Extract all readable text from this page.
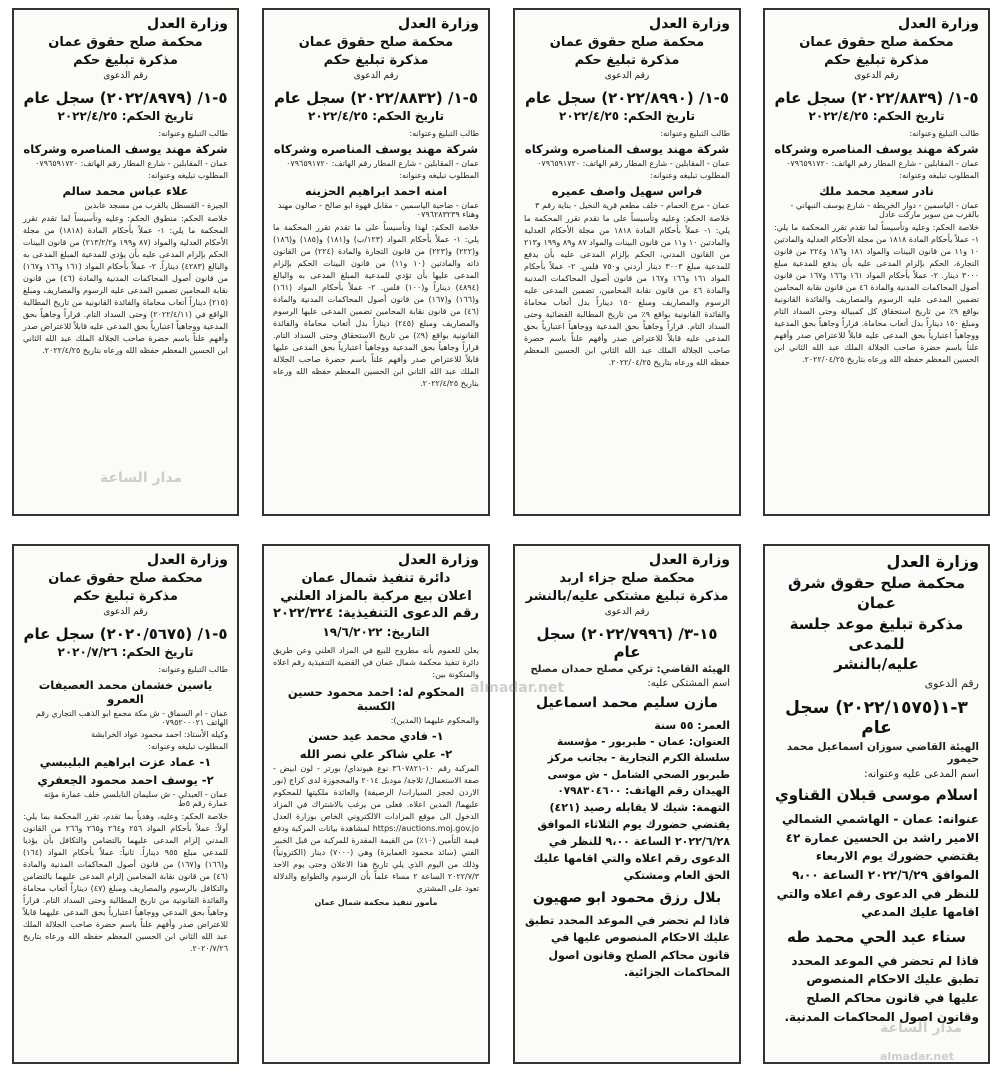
وزارة العدل
محكمة صلح حقوق عمان
مذكرة تبليغ حكم
رقم الدعوى
٥-١/ (٢٠٢٢/٨٩٧٩) سجل عام
تاريخ الحكم: ٢٠٢٢/٤/٢٥
طالب التبليغ وعنوانه:
شركة مهند يوسف المناصره وشركاه
عمان - المقابلين - شارع المطار رقم الهاتف: ٠٧٩٦٥٩١٧٢٠
المطلوب تبليغه وعنوانه:
علاء عباس محمد سالم
الجيزة - القسطل بالقرب من مسجد عابدين
خلاصة الحكم: منطوق الحكم: وعليه وتأسيساً لما تقدم تقرر المحكمة ما يلي: ١- عملاً بأحكام المادة (١٨١٨) من مجلة الأحكام العدلية والمواد (٨٧ و١٩٩ و٢١٣/٢/٢) من قانون البينات الحكم بإلزام المدعى عليه بأن يؤدي للمدعية المبلغ المدعى به والبالغ (٤٢٨٣) ديناراً. ٢- عملاً بأحكام المواد (١٦١ و١٦٦ و١٦٧) من قانون أصول المحاكمات المدنية والمادة (٤٦) من قانون نقابة المحامين تضمين المدعى عليه الرسوم والمصاريف ومبلغ (٢١٥) ديناراً أتعاب محاماة والفائدة القانونية من تاريخ المطالبة الواقع في (٢٠٢٢/٤/١١) وحتى السداد التام. قراراً وجاهياً بحق المدعية ووجاهياً اعتبارياً بحق المدعى عليه قابلاً للاعتراض صدر وأفهم علناً باسم حضرة صاحب الجلالة الملك عبد الله الثاني ابن الحسين المعظم حفظه الله ورعاه بتاريخ ٢٠٢٢/٤/٢٥.
وزارة العدل
محكمة صلح حقوق عمان
مذكرة تبليغ حكم
رقم الدعوى
٥-١/ (٢٠٢٢/٨٨٣٢) سجل عام
تاريخ الحكم: ٢٠٢٢/٤/٢٥
طالب التبليغ وعنوانه:
شركة مهند يوسف المناصره وشركاه
عمان - المقابلين - شارع المطار رقم الهاتف: ٠٧٩٦٥٩١٧٢٠
المطلوب تبليغه وعنوانه:
امنه احمد ابراهيم الحزينه
عمان - ضاحية الياسمين - مقابل قهوة ابو صالح - صالون مهند وهناء ٠٧٩٦٢٨٣٢٣٩
خلاصة الحكم: لهذا وتأسيساً على ما تقدم تقرر المحكمة ما يلي: ١- عملاً بأحكام المواد (١٢٣/ب) و(١٨١) و(١٨٥) و(١٨٦) و(٢٢٢) و(٢٢٣) من قانون التجارة والمادة (٢٢٤) من القانون ذاته والمادتين (١٠ و١١) من قانون البينات الحكم بإلزام المدعى عليها بأن تؤدي للمدعية المبلغ المدعى به والبالغ (٤٨٩٤) ديناراً و(١٠٠) فلس. ٢- عملاً بأحكام المواد (١٦١) و(١٦٦) و(١٦٧) من قانون أصول المحاكمات المدنية والمادة (٤٦) من قانون نقابة المحامين تضمين المدعى عليها الرسوم والمصاريف ومبلغ (٢٤٥) ديناراً بدل أتعاب محاماة والفائدة القانونية بواقع (٩٪) من تاريخ الاستحقاق وحتى السداد التام. قراراً وجاهياً بحق المدعية ووجاهياً اعتبارياً بحق المدعى عليها قابلاً للاعتراض صدر وأفهم علناً باسم حضرة صاحب الجلالة الملك عبد الله الثاني ابن الحسين المعظم حفظه الله ورعاه بتاريخ ٢٠٢٢/٤/٢٥.
وزارة العدل
محكمة صلح حقوق عمان
مذكرة تبليغ حكم
رقم الدعوى
٥-١/ (٢٠٢٢/٨٩٩٠) سجل عام
تاريخ الحكم: ٢٠٢٢/٤/٢٥
طالب التبليغ وعنوانه:
شركة مهند يوسف المناصره وشركاه
عمان - المقابلين - شارع المطار رقم الهاتف: ٠٧٩٦٥٩١٧٢٠
المطلوب تبليغه وعنوانه:
فراس سهيل واصف عميره
عمان - مرج الحمام - خلف مطعم قرية النخيل - بناية رقم ٣
خلاصة الحكم: وعليه وتأسيساً على ما تقدم تقرر المحكمة ما يلي: ١- عملاً بأحكام المادة ١٨١٨ من مجلة الأحكام العدلية والمادتين ١٠ و١١ من قانون البينات والمواد ٨٧ و٨٩ و١٩٩ و٢١٣ من القانون المدني، الحكم بإلزام المدعى عليه بأن يدفع للمدعية مبلغ ٣٠٠٣ دينار أردني و٧٥٠ فلس. ٢- عملاً بأحكام المواد ١٦١ و١٦٦ و١٦٧ من قانون أصول المحاكمات المدنية والمادة ٤٦ من قانون نقابة المحامين، تضمين المدعى عليه الرسوم والمصاريف ومبلغ ١٥٠ ديناراً بدل أتعاب محاماة والفائدة القانونية بواقع ٩٪ من تاريخ المطالبة القضائية وحتى السداد التام. قراراً وجاهياً بحق المدعية ووجاهياً اعتبارياً بحق المدعى عليه قابلاً للاعتراض صدر وأفهم علناً باسم حضرة صاحب الجلالة الملك عبد الله الثاني ابن الحسين المعظم حفظه الله ورعاه بتاريخ ٢٠٢٢/٠٤/٢٥.
وزارة العدل
محكمة صلح حقوق عمان
مذكرة تبليغ حكم
رقم الدعوى
٥-١/ (٢٠٢٢/٨٨٣٩) سجل عام
تاريخ الحكم: ٢٠٢٢/٤/٢٥
طالب التبليغ وعنوانه:
شركة مهند يوسف المناصره وشركاه
عمان - المقابلين - شارع المطار رقم الهاتف: ٠٧٩٦٥٩١٧٢٠
المطلوب تبليغه وعنوانه:
نادر سعيد محمد ملك
عمان - الياسمين - دوار الخريطة - شارع يوسف النبهاني - بالقرب من سوبر ماركت عادل
خلاصة الحكم: وعليه وتأسيساً لما تقدم تقرر المحكمة ما يلي: ١- عملاً بأحكام المادة ١٨١٨ من مجلة الأحكام العدلية والمادتين ١٠ و١١ من قانون البينات والمواد ١٨١ و١٨٦ و٢٢٤ من قانون التجارة، الحكم بإلزام المدعى عليه بأن يدفع للمدعية مبلغ ٣٠٠٠ دينار. ٢- عملاً بأحكام المواد ١٦١ و١٦٦ و١٦٧ من قانون أصول المحاكمات المدنية والمادة ٤٦ من قانون نقابة المحامين تضمين المدعى عليه الرسوم والمصاريف والفائدة القانونية بواقع ٩٪ من تاريخ استحقاق كل كمبيالة وحتى السداد التام ومبلغ ١٥٠ ديناراً بدل أتعاب محاماة. قراراً وجاهياً بحق المدعية ووجاهياً اعتبارياً بحق المدعى عليه قابلاً للاعتراض صدر وأفهم علناً باسم حضرة صاحب الجلالة الملك عبد الله الثاني ابن الحسين المعظم حفظه الله ورعاه بتاريخ ٢٠٢٢/٠٤/٢٥.
وزارة العدل
محكمة صلح حقوق عمان
مذكرة تبليغ حكم
رقم الدعوى
٥-١/ (٢٠٢٠/٥٦٧٥) سجل عام
تاريخ الحكم: ٢٠٢٠/٧/٢٦
طالب التبليغ وعنوانه:
ياسين خشمان محمد العصيفات العمرو
عمان - ام السماق - ش مكة مجمع ابو الذهب التجاري رقم الهاتف ٠٧٩٥٢٠٠٠٢١
وكيله الأستاذ: احمد محمود عواد الخرابشة
المطلوب تبليغه وعنوانه:
١- عماد عزت ابراهيم البليبسي
٢- يوسف احمد محمود الجعفري
عمان - العبدلي - ش سليمان النابلسي خلف عمارة مؤته عمارة رقم ٥ط
خلاصة الحكم: وعليه، وهدياً بما تقدم، تقرر المحكمة بما يلي: أولاً: عملاً بأحكام المواد ٢٥٦ و٢٦٤ و٢٦٥ و٢٦٦ من القانون المدني إلزام المدعى عليهما بالتضامن والتكافل بأن يؤديا للمدعي مبلغ ٩٥٥ ديناراً. ثانياً: عملاً بأحكام المواد (١٦٤) و(١٦٦) و(١٦٧) من قانون أصول المحاكمات المدنية والمادة (٤٦) من قانون نقابة المحامين إلزام المدعى عليهما بالتضامن والتكافل بالرسوم والمصاريف ومبلغ (٤٧) ديناراً أتعاب محاماة والفائدة القانونية من تاريخ المطالبة وحتى السداد التام. قراراً وجاهياً بحق المدعي ووجاهياً اعتبارياً بحق المدعى عليهما قابلاً للاعتراض صدر وأفهم علناً باسم حضرة صاحب الجلالة الملك عبد الله الثاني ابن الحسين المعظم حفظه الله ورعاه بتاريخ ٢٠٢٠/٧/٢٦.
وزارة العدل
دائرة تنفيذ شمال عمان
اعلان بيع مركبة بالمزاد العلني
رقم الدعوى التنفيذية: ٢٠٢٢/٣٢٤
التاريخ: ١٩/٦/٢٠٢٢
يعلن للعموم بأنه مطروح للبيع في المزاد العلني وعن طريق دائرة تنفيذ محكمة شمال عمان في القضية التنفيذية رقم اعلاه والمتكونة بين:
المحكوم له: احمد محمود حسين الكسبة
والمحكوم عليهما (المدين):
١- فادي محمد عيد حسن
٢- علي شاكر علي نصر الله
المركبة رقم ١٠-٣٦٠٧٨٢١ نوع هيونداي/ بورتر - لون ابيض - صفة الاستعمال/ ثلاجة/ موديل ٢٠١٤ والمحجوزة لدى كراج (نور الاردن لحجز السيارات/ الرصيفة) والعائدة ملكيتها للمحكوم عليهما/ المدين اعلاه. فعلى من يرغب بالاشتراك في المزاد الدخول الى موقع المزادات الالكتروني الخاص بوزارة العدل https://auctions.moj.gov.jo لمشاهدة بيانات المركبة ودفع قيمة التأمين (١٠٪) من القيمة المقدرة للمركبة من قبل الخبير الفني (سائد محمود العمايرة) وهي (٧٠٠٠) دينار (الكترونياً) وذلك من اليوم الذي يلي تاريخ هذا الاعلان وحتى يوم الاحد ٢٠٢٢/٧/٣ الساعة ٢ مساء علماً بأن الرسوم والطوابع والدلالة تعود على المشتري
مأمور تنفيذ محكمة شمال عمان
وزارة العدل
محكمة صلح جزاء اربد
مذكرة تبليغ مشتكى عليه/بالنشر
رقم الدعوى
١٥-٣/ (٢٠٢٢/٧٩٩٦) سجل عام
الهيئة القاضي: تركي مصلح حمدان مصلح
اسم المشتكى عليه:
مازن سليم محمد اسماعيل
العمر: ٥٥ سنة
العنوان: عمان - طبربور - مؤسسة سلسلة الكرم التجارية - بجانب مركز طبربور الصحي الشامل - ش موسى الهيدان رقم الهاتف: ٠٧٩٨٣٠٤٦٠٠
التهمة: شيك لا يقابله رصيد (٤٢١)
يقتضي حضورك يوم الثلاثاء الموافق ٢٠٢٢/٦/٢٨ الساعة ٩،٠٠ للنظر في الدعوى رقم اعلاه والتي اقامها عليك الحق العام ومشتكي
بلال رزق محمود ابو صهيون
فاذا لم تحضر في الموعد المحدد تطبق عليك الاحكام المنصوص عليها في قانون محاكم الصلح وقانون اصول المحاكمات الجزائية.
وزارة العدل
محكمة صلح حقوق شرق عمان
مذكرة تبليغ موعد جلسة للمدعى
عليه/بالنشر
رقم الدعوى
٣-١(٢٠٢٢/١٥٧٥) سجل عام
الهيئة القاضي سوزان اسماعيل محمد حيمور
اسم المدعى عليه وعنوانه:
اسلام موسى قبلان القناوي
عنوانه: عمان - الهاشمي الشمالي الامير راشد بن الحسين عمارة ٤٢
يقتضي حضورك يوم الاربعاء الموافق ٢٠٢٢/٦/٢٩ الساعة ٩،٠٠ للنظر في الدعوى رقم اعلاه والتي اقامها عليك المدعي
سناء عبد الحي محمد طه
فاذا لم تحضر في الموعد المحدد تطبق عليك الاحكام المنصوص عليها في قانون محاكم الصلح وقانون اصول المحاكمات المدنية.
مدار الساعة
almadar.net
مدار الساعة
almadar.net
